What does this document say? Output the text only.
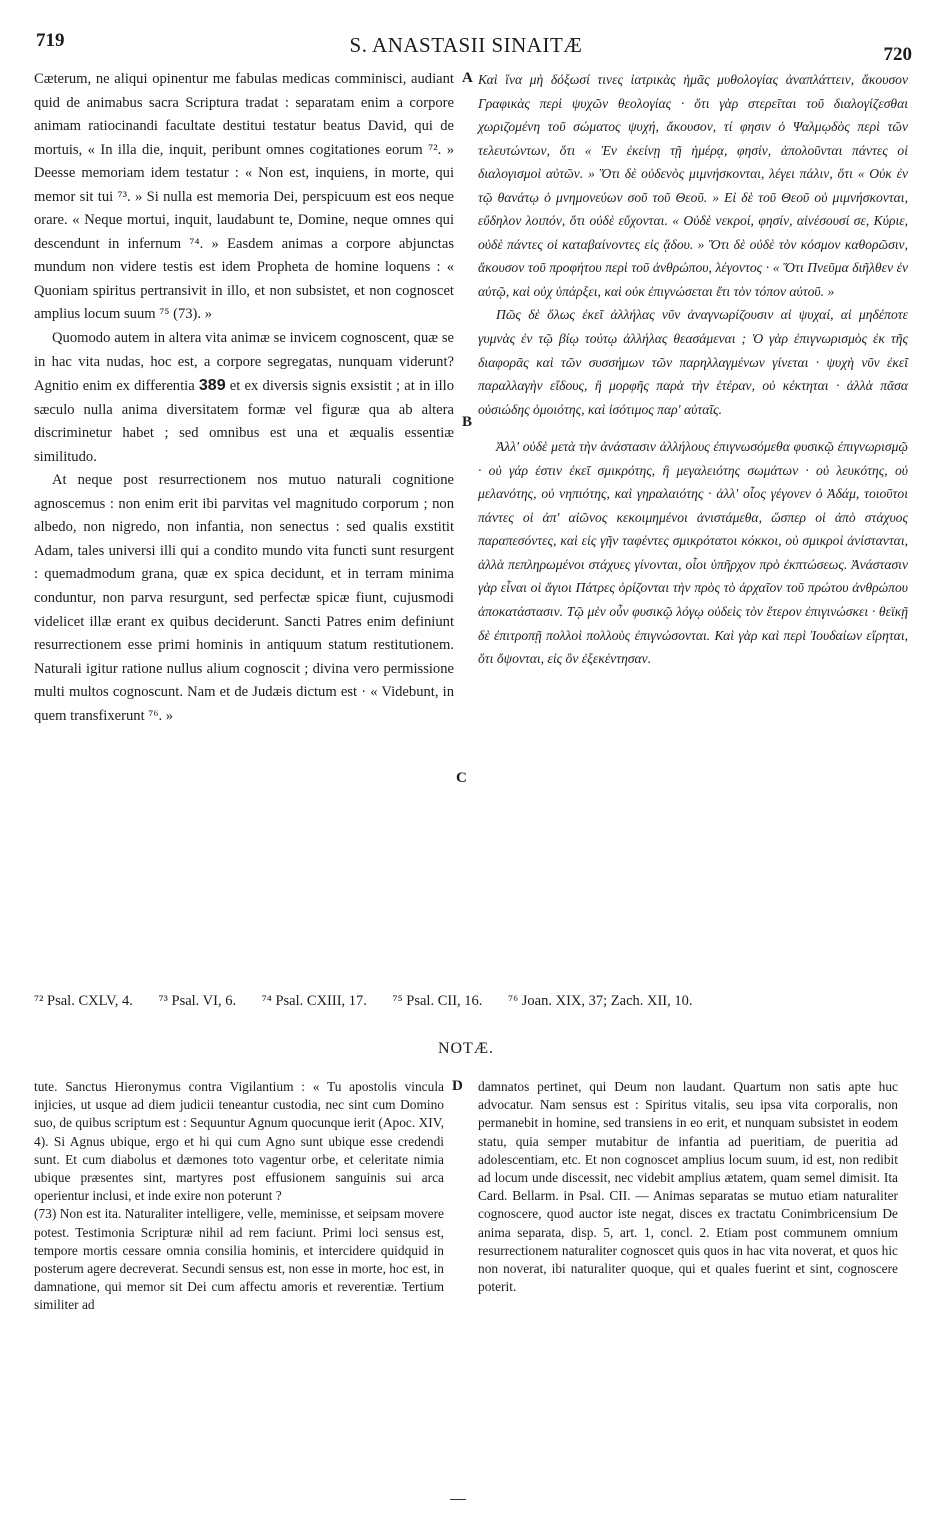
719	S. ANASTASII SINAITÆ	720

Cæterum, ne aliqui opinentur me fabulas medicas comminisci, audiant quid de animabus sacra Scriptura tradat : separatam enim a corpore animam ratiocinandi facultate destitui testatur beatus David, qui de mortuis, « In illa die, inquit, peribunt omnes cogitationes eorum ⁷². » Deesse memoriam idem testatur : « Non est, inquiens, in morte, qui memor sit tui ⁷³. » Si nulla est memoria Dei, perspicuum est eos neque orare. « Neque mortui, inquit, laudabunt te, Domine, neque omnes qui descendunt in infernum ⁷⁴. » Easdem animas a corpore abjunctas mundum non videre testis est idem Propheta de homine loquens : « Quoniam spiritus pertransivit in illo, et non subsistet, et non cognoscet amplius locum suum ⁷⁵ (73). »

Quomodo autem in altera vita animæ se invicem cognoscent, quæ se in hac vita nudas, hoc est, a corpore segregatas, nunquam viderunt? Agnitio enim ex differentia 389 et ex diversis signis exsistit ; at in illo sæculo nulla anima diversitatem formæ vel figuræ qua ab altera discriminetur habet ; sed omnibus est una et æqualis essentiæ similitudo.

At neque post resurrectionem nos mutuo naturali cognitione agnoscemus : non enim erit ibi parvitas vel magnitudo corporum ; non albedo, non nigredo, non infantia, non senectus : sed qualis exstitit Adam, tales universi illi qui a condito mundo vita functi sunt resurgent : quemadmodum grana, quæ ex spica decidunt, et in terram minima conduntur, non parva resurgunt, sed perfectæ spicæ fiunt, cujusmodi videlicet illæ erant ex quibus deciderunt. Sancti Patres enim definiunt resurrectionem esse primi hominis in antiquum statum restitutionem. Naturali igitur ratione nullus alium cognoscit ; divina vero permissione multi multos cognoscunt. Nam et de Judæis dictum est · « Videbunt, in quem transfixerunt ⁷⁶. »

A
B
C
D

Καὶ ἵνα μὴ δόξωσί τινες ἰατρικὰς ἡμᾶς μυθολογίας ἀναπλάττειν, ἄκουσον Γραφικὰς περὶ ψυχῶν θεολογίας · ὅτι γὰρ στερεῖται τοῦ διαλογίζεσθαι χωριζομένη τοῦ σώματος ψυχή, ἄκουσον, τί φησιν ὁ Ψαλμῳδὸς περὶ τῶν τελευτώντων, ὅτι « Ἐν ἐκείνῃ τῇ ἡμέρᾳ, φησίν, ἀπολοῦνται πάντες οἱ διαλογισμοὶ αὐτῶν. » Ὅτι δὲ οὐδενὸς μιμνήσκονται, λέγει πάλιν, ὅτι « Οὐκ ἐν τῷ θανάτῳ ὁ μνημονεύων σοῦ τοῦ Θεοῦ. » Εἰ δὲ τοῦ Θεοῦ οὐ μιμνήσκονται, εὔδηλον λοιπόν, ὅτι οὐδὲ εὔχονται. « Οὐδὲ νεκροί, φησίν, αἰνέσουσί σε, Κύριε, οὐδὲ πάντες οἱ καταβαίνοντες εἰς ᾅδου. » Ὅτι δὲ οὐδὲ τὸν κόσμον καθορῶσιν, ἄκουσον τοῦ προφήτου περὶ τοῦ ἀνθρώπου, λέγοντος · « Ὅτι Πνεῦμα διῆλθεν ἐν αὐτῷ, καὶ οὐχ ὑπάρξει, καὶ οὐκ ἐπιγνώσεται ἔτι τὸν τόπον αὐτοῦ. »

Πῶς δὲ ὅλως ἐκεῖ ἀλλήλας νῦν ἀναγνωρίζουσιν αἱ ψυχαί, αἱ μηδέποτε γυμνὰς ἐν τῷ βίῳ τούτῳ ἀλλήλας θεασάμεναι ; Ὁ γὰρ ἐπιγνωρισμὸς ἐκ τῆς διαφορᾶς καὶ τῶν συσσήμων τῶν παρηλλαγμένων γίνεται · ψυχὴ νῦν ἐκεῖ παραλλαγὴν εἴδους, ἢ μορφῆς παρὰ τὴν ἑτέραν, οὐ κέκτηται · ἀλλὰ πᾶσα οὐσιώδης ὁμοιότης, καὶ ἰσότιμος παρ' αὐταῖς.

Ἀλλ' οὐδὲ μετὰ τὴν ἀνάστασιν ἀλλήλους ἐπιγνωσόμεθα φυσικῷ ἐπιγνωρισμῷ · οὐ γάρ ἐστιν ἐκεῖ σμικρότης, ἢ μεγαλειότης σωμάτων · οὐ λευκότης, οὐ μελανότης, οὐ νηπιότης, καὶ γηραλαιότης · ἀλλ' οἷος γέγονεν ὁ Ἀδάμ, τοιοῦτοι πάντες οἱ ἀπ' αἰῶνος κεκοιμημένοι ἀνιστάμεθα, ὥσπερ οἱ ἀπὸ στάχυος παραπεσόντες, καὶ εἰς γῆν ταφέντες σμικρότατοι κόκκοι, οὐ σμικροὶ ἀνίστανται, ἀλλὰ πεπληρωμένοι στάχυες γίνονται, οἷοι ὑπῆρχον πρὸ ἐκπτώσεως. Ἀνάστασιν γὰρ εἶναι οἱ ἅγιοι Πάτρες ὁρίζονται τὴν πρὸς τὸ ἀρχαῖον τοῦ πρώτου ἀνθρώπου ἀποκατάστασιν. Τῷ μὲν οὖν φυσικῷ λόγῳ οὐδεὶς τὸν ἕτερον ἐπιγινώσκει · θεϊκῇ δὲ ἐπιτροπῇ πολλοὶ πολλοὺς ἐπιγνώσονται. Καὶ γὰρ καὶ περὶ Ἰουδαίων εἴρηται, ὅτι ὄψονται, εἰς ὃν ἐξεκέντησαν.

⁷² Psal. CXLV, 4. ⁷³ Psal. VI, 6. ⁷⁴ Psal. CXIII, 17. ⁷⁵ Psal. CII, 16. ⁷⁶ Joan. XIX, 37; Zach. XII, 10.
NOTÆ.

tute. Sanctus Hieronymus contra Vigilantium : « Tu apostolis vincula injicies, ut usque ad diem judicii teneantur custodia, nec sint cum Domino suo, de quibus scriptum est : Sequuntur Agnum quocunque ierit (Apoc. XIV, 4). Si Agnus ubique, ergo et hi qui cum Agno sunt ubique esse credendi sunt. Et cum diabolus et dæmones toto vagentur orbe, et celeritate nimia ubique præsentes sint, martyres post effusionem sanguinis sui arca operientur inclusi, et inde exire non poterunt ?

(73) Non est ita. Naturaliter intelligere, velle, meminisse, et seipsam movere potest. Testimonia Scripturæ nihil ad rem faciunt. Primi loci sensus est, tempore mortis cessare omnia consilia hominis, et intercidere quidquid in posterum agere decreverat. Secundi sensus est, non esse in morte, hoc est, in damnatione, qui memor sit Dei cum affectu amoris et reverentiæ. Tertium similiter ad

damnatos pertinet, qui Deum non laudant. Quartum non satis apte huc advocatur. Nam sensus est : Spiritus vitalis, seu ipsa vita corporalis, non permanebit in homine, sed transiens in eo erit, et nunquam subsistet in eodem statu, quia semper mutabitur de infantia ad pueritiam, de pueritia ad adolescentiam, etc. Et non cognoscet amplius locum suum, id est, non redibit ad locum unde discessit, nec videbit amplius ætatem, quam semel dimisit. Ita Card. Bellarm. in Psal. CII. — Animas separatas se mutuo etiam naturaliter cognoscere, quod auctor iste negat, disces ex tractatu Conimbricensium De anima separata, disp. 5, art. 1, concl. 2. Etiam post communem omnium resurrectionem naturaliter cognoscet quis quos in hac vita noverat, et quos hic non noverat, ibi naturaliter quoque, qui et quales fuerint et sint, cognoscere poterit.
